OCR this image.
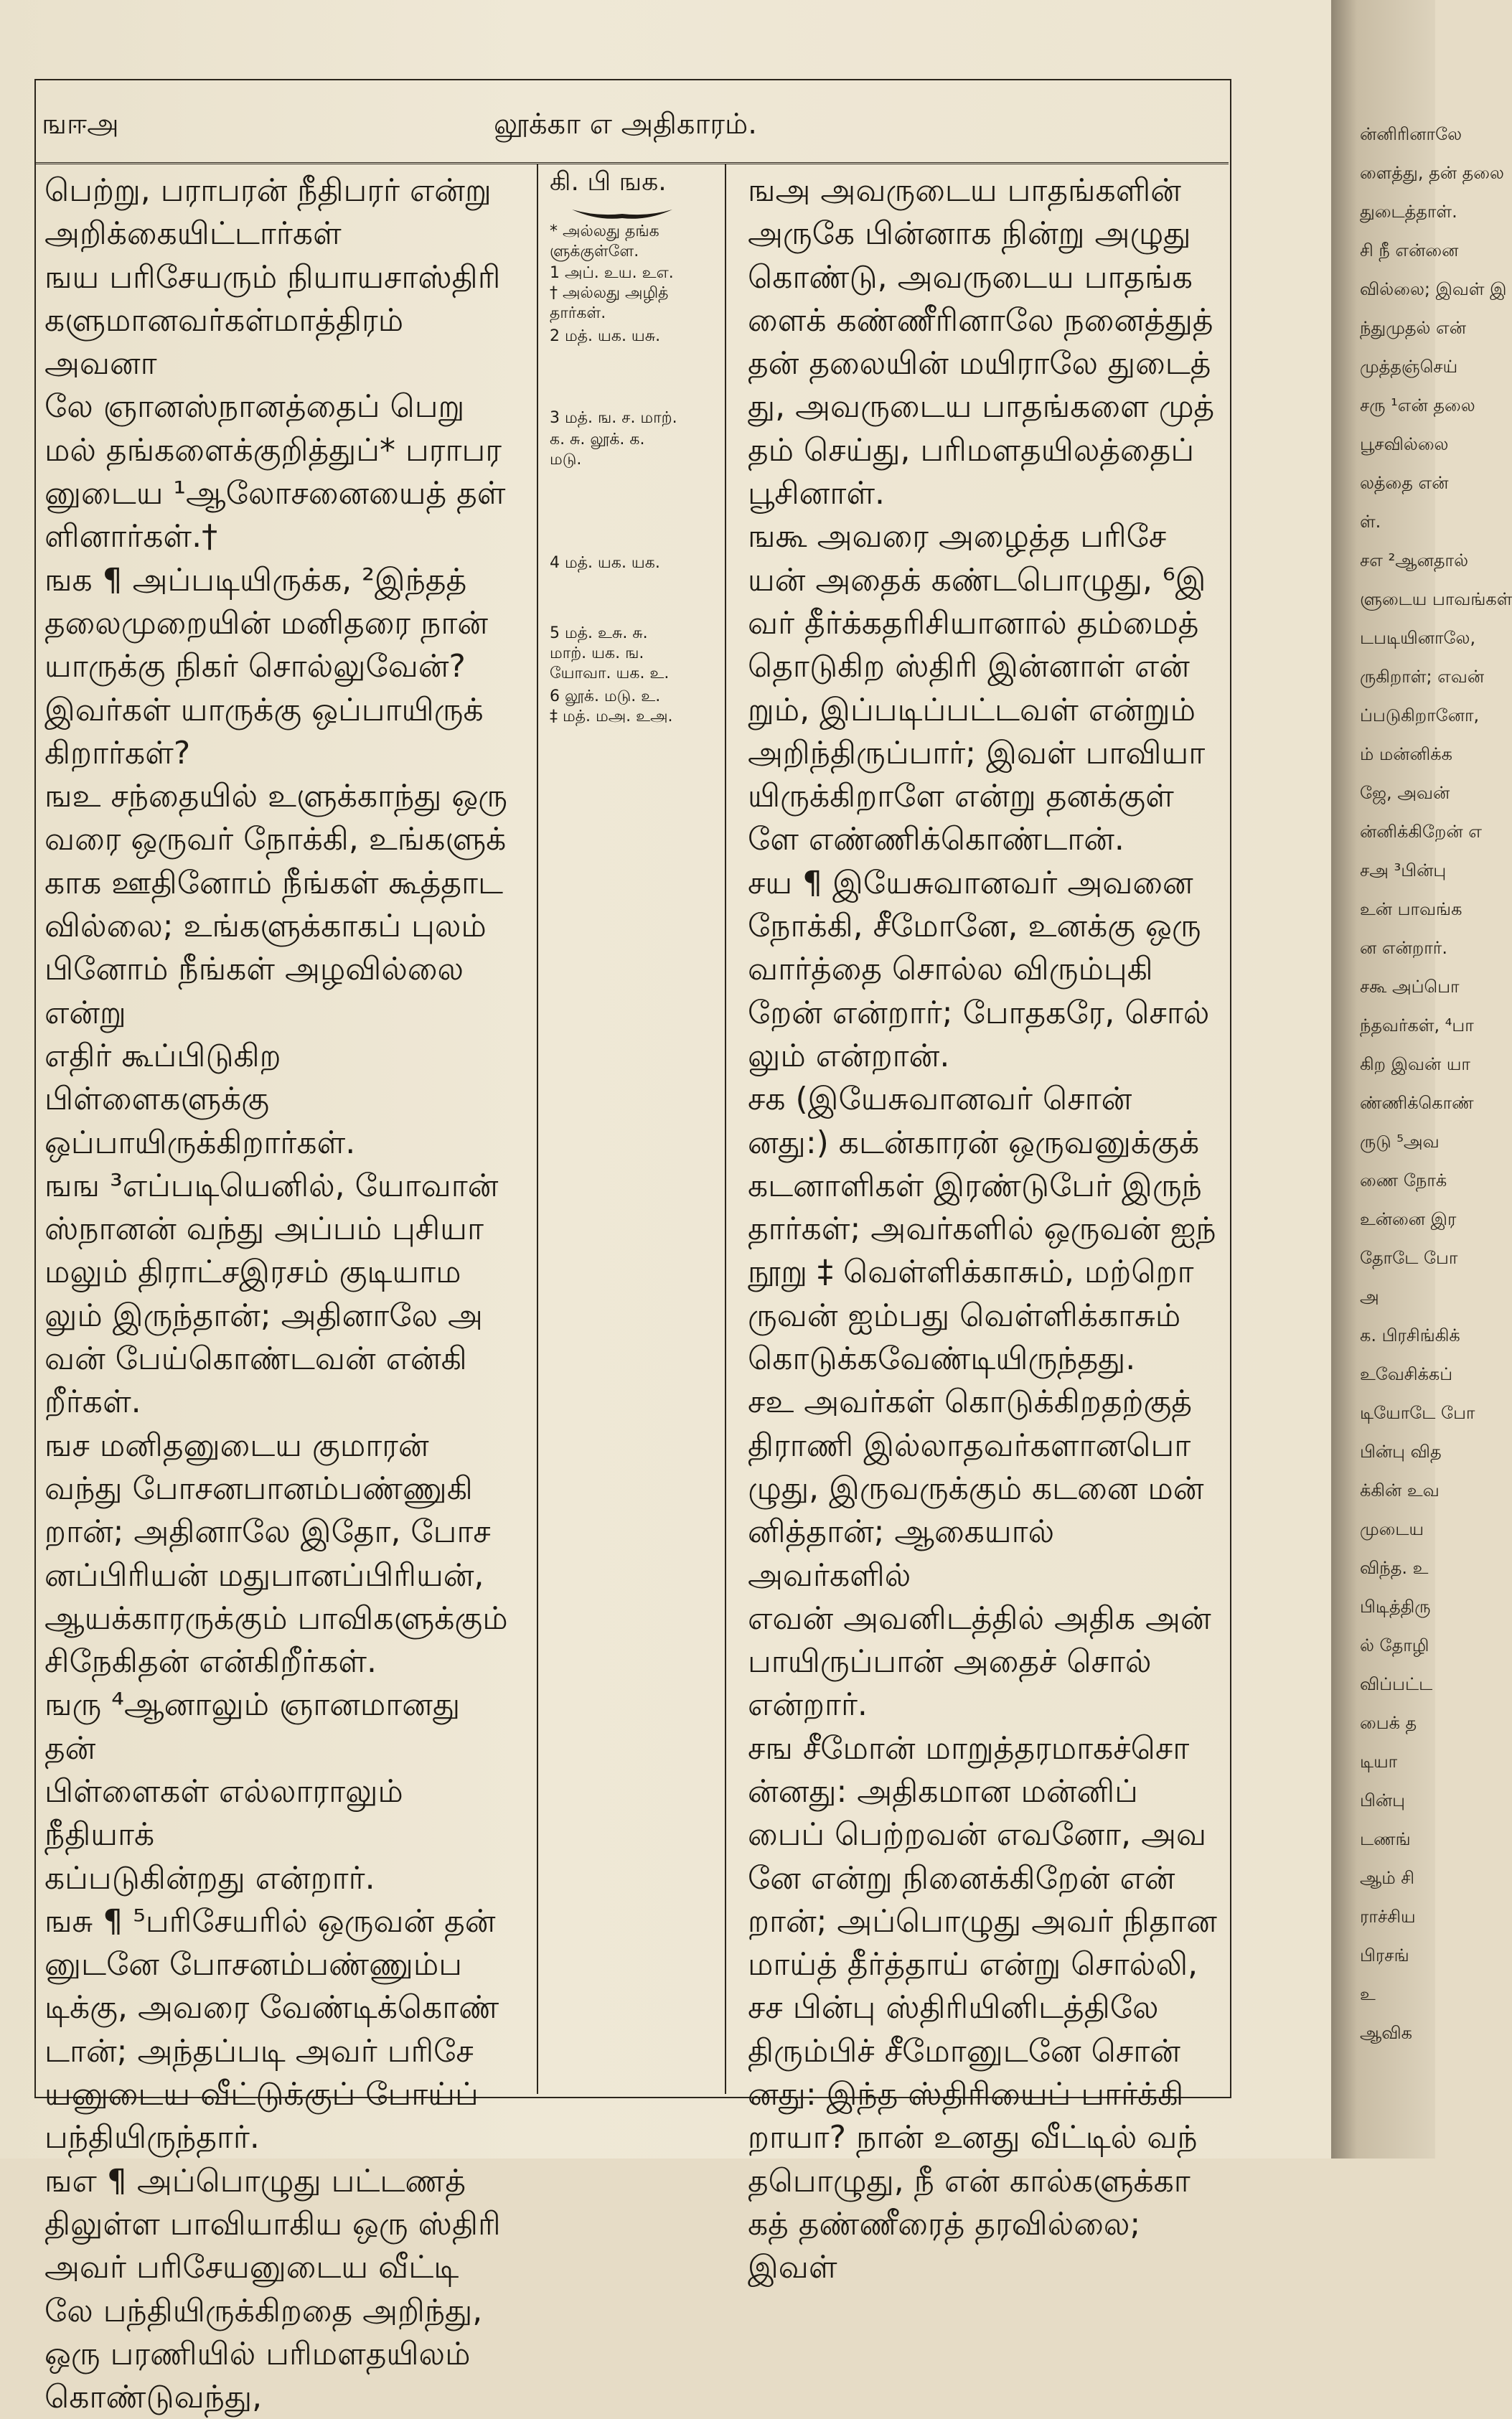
ன்னிரினாலே
ளைத்து, தன் தலை
துடைத்தாள்.
சி நீ என்னை
வில்லை; இவள் இ
ந்துமுதல் என்
முத்தஞ்செய்
சரு ¹என் தலை
பூசவில்லை
லத்தை என்
ள்.
சஎ ²ஆனதால்
ளுடைய பாவங்கள்
டபடியினாலே,
ருகிறாள்; எவன்
ப்படுகிறானோ,
ம் மன்னிக்க
ஜே, அவன்
ன்னிக்கிறேன் எ
சஅ ³பின்பு
உன் பாவங்க
ன என்றார்.
சகூ அப்பொ
ந்தவர்கள், ⁴பா
கிற இவன் யா
ண்ணிக்கொண்
ருடு ⁵அவ
ணை நோக்
உன்னை இர
தோடே போ
அ
க. பிரசிங்கிக்
உவேசிக்கப்
டியோடே போ
பின்பு வித
க்கின் உவ
முடைய
விந்த. உ
பிடித்திரு
ல் தோழி
விப்பட்ட
பைக் த
டியா
பின்பு
டணங்
ஆம் சி
ராச்சிய
பிரசங்
உ
ஆவிக
ஙஈஅ	லூக்கா எ அதிகாரம்.

பெற்று, பராபரன் நீதிபரர் என்று

அறிக்கையிட்டார்கள்

ஙய பரிசேயரும் நியாயசாஸ்திரி

களுமானவர்கள்மாத்திரம் அவனா

லே ஞானஸ்நானத்தைப் பெறு

மல் தங்களைக்குறித்துப்* பராபர

னுடைய ¹ஆலோசனையைத் தள்

ளினார்கள்.†

ஙக ¶ அப்படியிருக்க, ²இந்தத்

தலைமுறையின் மனிதரை நான்

யாருக்கு நிகர் சொல்லுவேன்?

இவர்கள் யாருக்கு ஒப்பாயிருக்

கிறார்கள்?

ஙஉ சந்தையில் உளுக்காந்து ஒரு

வரை ஒருவர் நோக்கி, உங்களுக்

காக ஊதினோம் நீங்கள் கூத்தாட

வில்லை; உங்களுக்காகப் புலம்

பினோம் நீங்கள் அழவில்லை என்று

எதிர் கூப்பிடுகிற பிள்ளைகளுக்கு

ஒப்பாயிருக்கிறார்கள்.

ஙங ³எப்படியெனில், யோவான்

ஸ்நானன் வந்து அப்பம் புசியா

மலும் திராட்சஇரசம் குடியாம

லும் இருந்தான்; அதினாலே அ

வன் பேய்கொண்டவன் என்கி

றீர்கள்.

ஙச மனிதனுடைய குமாரன்

வந்து போசனபானம்பண்ணுகி

றான்; அதினாலே இதோ, போச

னப்பிரியன் மதுபானப்பிரியன்,

ஆயக்காரருக்கும் பாவிகளுக்கும்

சிநேகிதன் என்கிறீர்கள்.

ஙரு ⁴ஆனாலும் ஞானமானது தன்

பிள்ளைகள் எல்லாராலும் நீதியாக்

கப்படுகின்றது என்றார்.

ஙசு ¶ ⁵பரிசேயரில் ஒருவன் தன்

னுடனே போசனம்பண்ணும்ப

டிக்கு, அவரை வேண்டிக்கொண்

டான்; அந்தப்படி அவர் பரிசே

யனுடைய வீட்டுக்குப் போய்ப்

பந்தியிருந்தார்.

ஙஎ ¶ அப்பொழுது பட்டணத்

திலுள்ள பாவியாகிய ஒரு ஸ்திரி

அவர் பரிசேயனுடைய வீட்டி

லே பந்தியிருக்கிறதை அறிந்து,

ஒரு பரணியில் பரிமளதயிலம்

கொண்டுவந்து,

கி. பி ஙக.
* அல்லது தங்க
ளுக்குள்ளே.
1 அப். உய. உஎ.
† அல்லது அழித்
தார்கள்.
2 மத். யக. யசு.
3 மத். ங. ச. மாற்.
க. சு. லூக். க.
மடு.
4 மத். யக. யக.
5 மத். உசு. சு.
மாற். யக. ங.
யோவா. யக. உ.
6 லூக். மடு. உ.
‡ மத். மஅ. உஅ.

ஙஅ அவருடைய பாதங்களின்

அருகே பின்னாக நின்று அழுது

கொண்டு, அவருடைய பாதங்க

ளைக் கண்ணீரினாலே நனைத்துத்

தன் தலையின் மயிராலே துடைத்

து, அவருடைய பாதங்களை முத்

தம் செய்து, பரிமளதயிலத்தைப்

பூசினாள்.

ஙகூ அவரை அழைத்த பரிசே

யன் அதைக் கண்டபொழுது, ⁶இ

வர் தீர்க்கதரிசியானால் தம்மைத்

தொடுகிற ஸ்திரி இன்னாள் என்

றும், இப்படிப்பட்டவள் என்றும்

அறிந்திருப்பார்; இவள் பாவியா

யிருக்கிறாளே என்று தனக்குள்

ளே எண்ணிக்கொண்டான்.

சய ¶ இயேசுவானவர் அவனை

நோக்கி, சீமோனே, உனக்கு ஒரு

வார்த்தை சொல்ல விரும்புகி

றேன் என்றார்; போதகரே, சொல்

லும் என்றான்.

சக (இயேசுவானவர் சொன்

னது:) கடன்காரன் ஒருவனுக்குக்

கடனாளிகள் இரண்டுபேர் இருந்

தார்கள்; அவர்களில் ஒருவன் ஐந்

நூறு ‡ வெள்ளிக்காசும், மற்றொ

ருவன் ஐம்பது வெள்ளிக்காசும்

கொடுக்கவேண்டியிருந்தது.

சஉ அவர்கள் கொடுக்கிறதற்குத்

திராணி இல்லாதவர்களானபொ

ழுது, இருவருக்கும் கடனை மன்

னித்தான்; ஆகையால் அவர்களில்

எவன் அவனிடத்தில் அதிக அன்

பாயிருப்பான் அதைச் சொல்

என்றார்.

சங சீமோன் மாறுத்தரமாகச்சொ

ன்னது: அதிகமான மன்னிப்

பைப் பெற்றவன் எவனோ, அவ

னே என்று நினைக்கிறேன் என்

றான்; அப்பொழுது அவர் நிதான

மாய்த் தீர்த்தாய் என்று சொல்லி,

சச பின்பு ஸ்திரியினிடத்திலே

திரும்பிச் சீமோனுடனே சொன்

னது: இந்த ஸ்திரியைப் பார்க்கி

றாயா? நான் உனது வீட்டில் வந்

தபொழுது, நீ என் கால்களுக்கா

கத் தண்ணீரைத் தரவில்லை; இவள்
